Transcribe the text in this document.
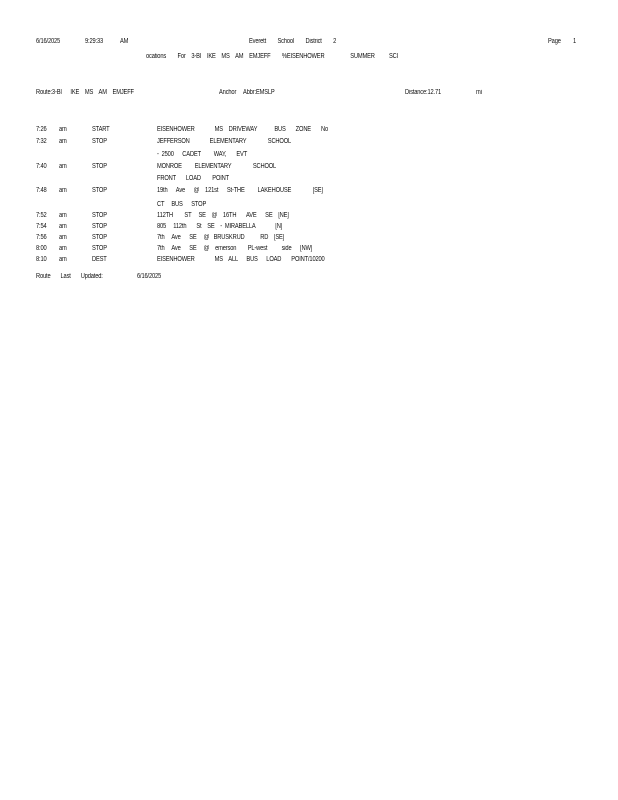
6/16/2025	9:29:33 AM	Everett        School        District        2	Page 1
ocations        For    3-BI    IKE    MS    AM    EMJEFF        %EISENHOWER                  SUMMER          SCI
Route:3-BI      IKE    MS    AM    EMJEFF	Anchor     Abbr:EMSLP	Distance:12.71	mi
7:26 am	START	EISENHOWER              MS    DRIVEWAY            BUS       ZONE       No
7:32 am	STOP	JEFFERSON              ELEMENTARY               SCHOOL
-  2500      CADET         WAY,       EVT
7:40 am	STOP	MONROE         ELEMENTARY               SCHOOL
FRONT       LOAD        POINT
7:48 am	STOP	19th      Ave      @    121st      St-THE         LAKEHOUSE               [SE]
CT     BUS      STOP
7:52 am	STOP	112TH        ST     SE    @    16TH       AVE      SE    [NE]
7:54 am	STOP	805     112th       St    SE    -  MIRABELLA              [N]
7:56 am	STOP	7th     Ave      SE     @   BRUSKRUD           RD    [SE]
8:00 am	STOP	7th     Ave      SE     @    emerson        PL-west          side      [NW]
8:10 am	DEST	EISENHOWER              MS    ALL      BUS      LOAD       POINT/10200
Route       Last       Updated:	6/16/2025
